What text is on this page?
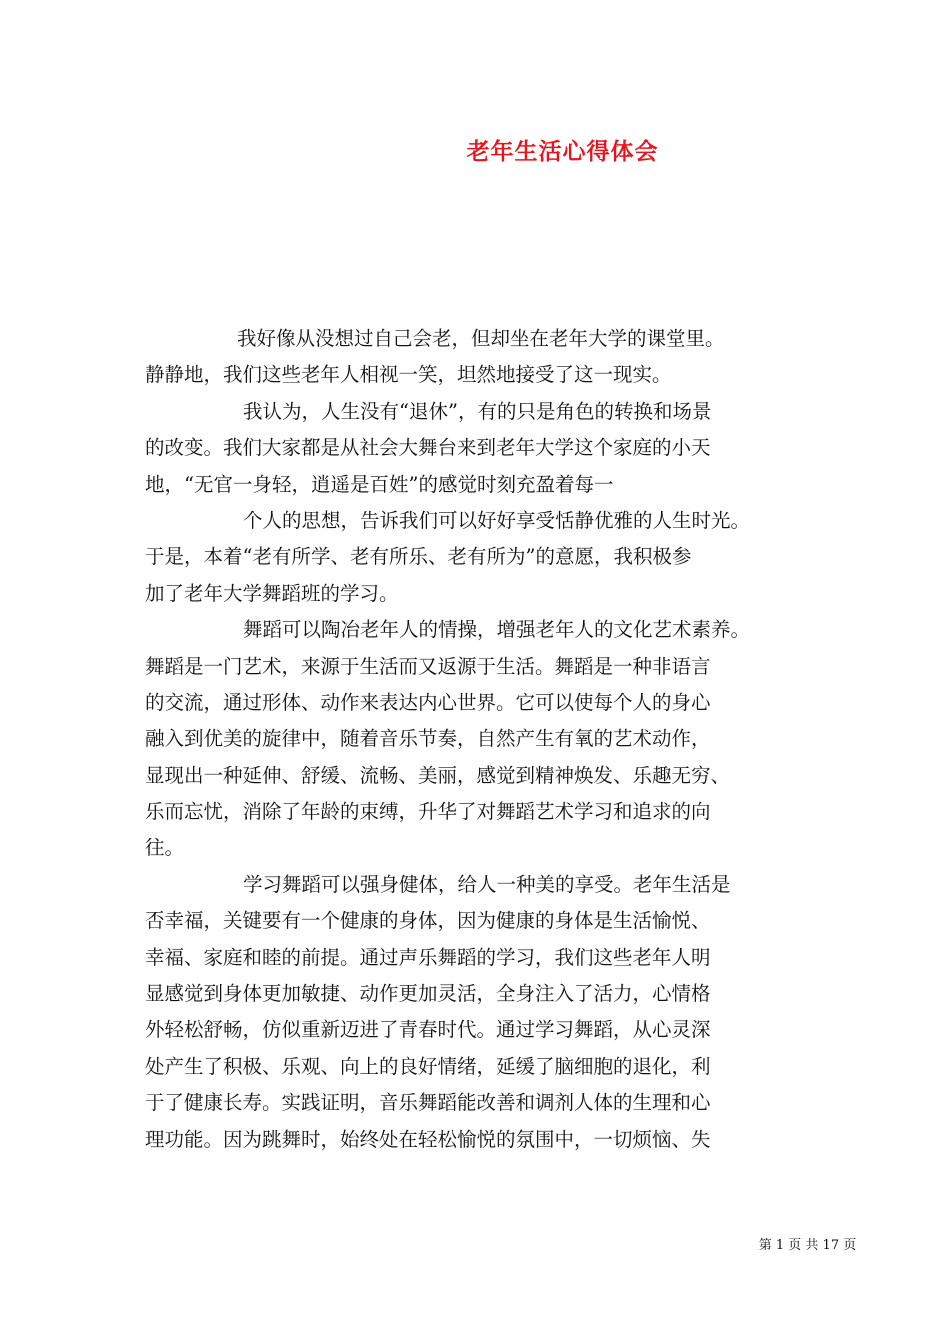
老年生活心得体会
我好像从没想过自己会老，但却坐在老年大学的课堂里。
静静地，我们这些老年人相视一笑，坦然地接受了这一现实。
我认为，人生没有“退休”，有的只是角色的转换和场景
的改变。我们大家都是从社会大舞台来到老年大学这个家庭的小天
地，“无官一身轻，逍遥是百姓”的感觉时刻充盈着每一
个人的思想，告诉我们可以好好享受恬静优雅的人生时光。
于是，本着“老有所学、老有所乐、老有所为”的意愿，我积极参
加了老年大学舞蹈班的学习。
舞蹈可以陶冶老年人的情操，增强老年人的文化艺术素养。
舞蹈是一门艺术，来源于生活而又返源于生活。舞蹈是一种非语言
的交流，通过形体、动作来表达内心世界。它可以使每个人的身心
融入到优美的旋律中，随着音乐节奏，自然产生有氧的艺术动作，
显现出一种延伸、舒缓、流畅、美丽，感觉到精神焕发、乐趣无穷、
乐而忘忧，消除了年龄的束缚，升华了对舞蹈艺术学习和追求的向
往。
学习舞蹈可以强身健体，给人一种美的享受。老年生活是
否幸福，关键要有一个健康的身体，因为健康的身体是生活愉悦、
幸福、家庭和睦的前提。通过声乐舞蹈的学习，我们这些老年人明
显感觉到身体更加敏捷、动作更加灵活，全身注入了活力，心情格
外轻松舒畅，仿似重新迈进了青春时代。通过学习舞蹈，从心灵深
处产生了积极、乐观、向上的良好情绪，延缓了脑细胞的退化，利
于了健康长寿。实践证明，音乐舞蹈能改善和调剂人体的生理和心
理功能。因为跳舞时，始终处在轻松愉悦的氛围中，一切烦恼、失
第 1 页 共 17 页
